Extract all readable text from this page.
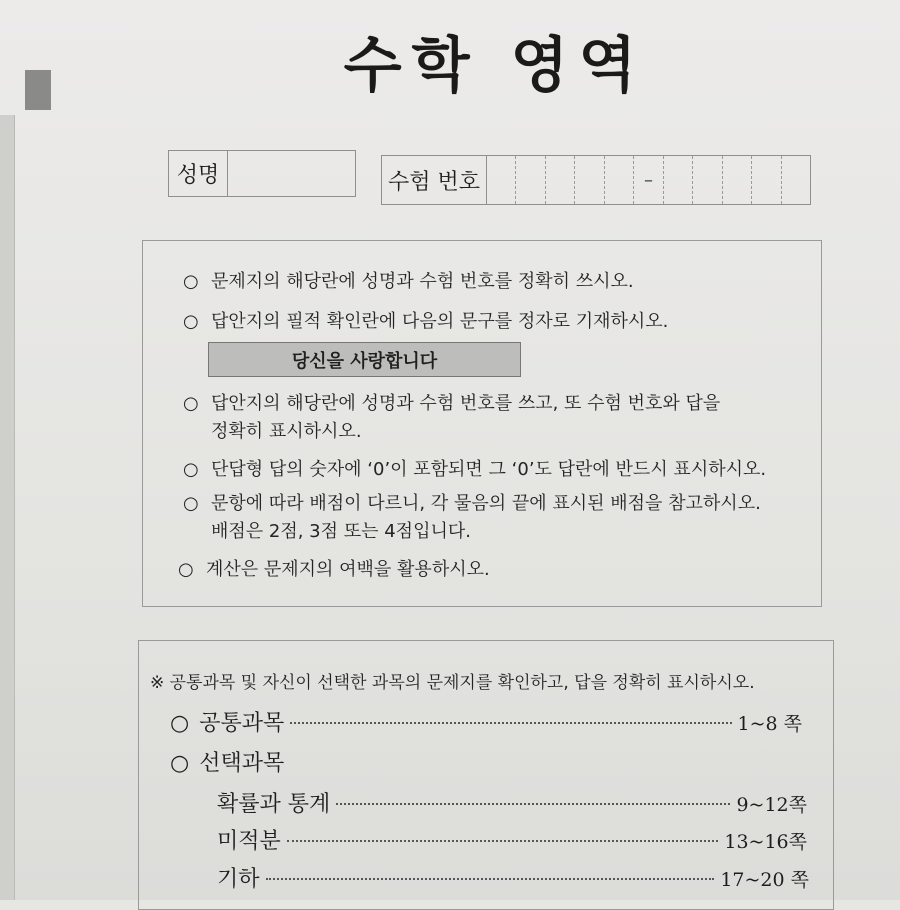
수학 영역
성명	수험 번호	–
○ 문제지의 해당란에 성명과 수험 번호를 정확히 쓰시오.
○ 답안지의 필적 확인란에 다음의 문구를 정자로 기재하시오.
당신을 사랑합니다
○ 답안지의 해당란에 성명과 수험 번호를 쓰고, 또 수험 번호와 답을
정확히 표시하시오.
○ 단답형 답의 숫자에 ‘0’이 포함되면 그 ‘0’도 답란에 반드시 표시하시오.
○ 문항에 따라 배점이 다르니, 각 물음의 끝에 표시된 배점을 참고하시오.
배점은 2점, 3점 또는 4점입니다.
○ 계산은 문제지의 여백을 활용하시오.
※ 공통과목 및 자신이 선택한 과목의 문제지를 확인하고, 답을 정확히 표시하시오.
○ 공통과목	1~8 쪽
○ 선택과목
확률과 통계	9~12쪽
미적분	13~16쪽
기하	17~20 쪽
